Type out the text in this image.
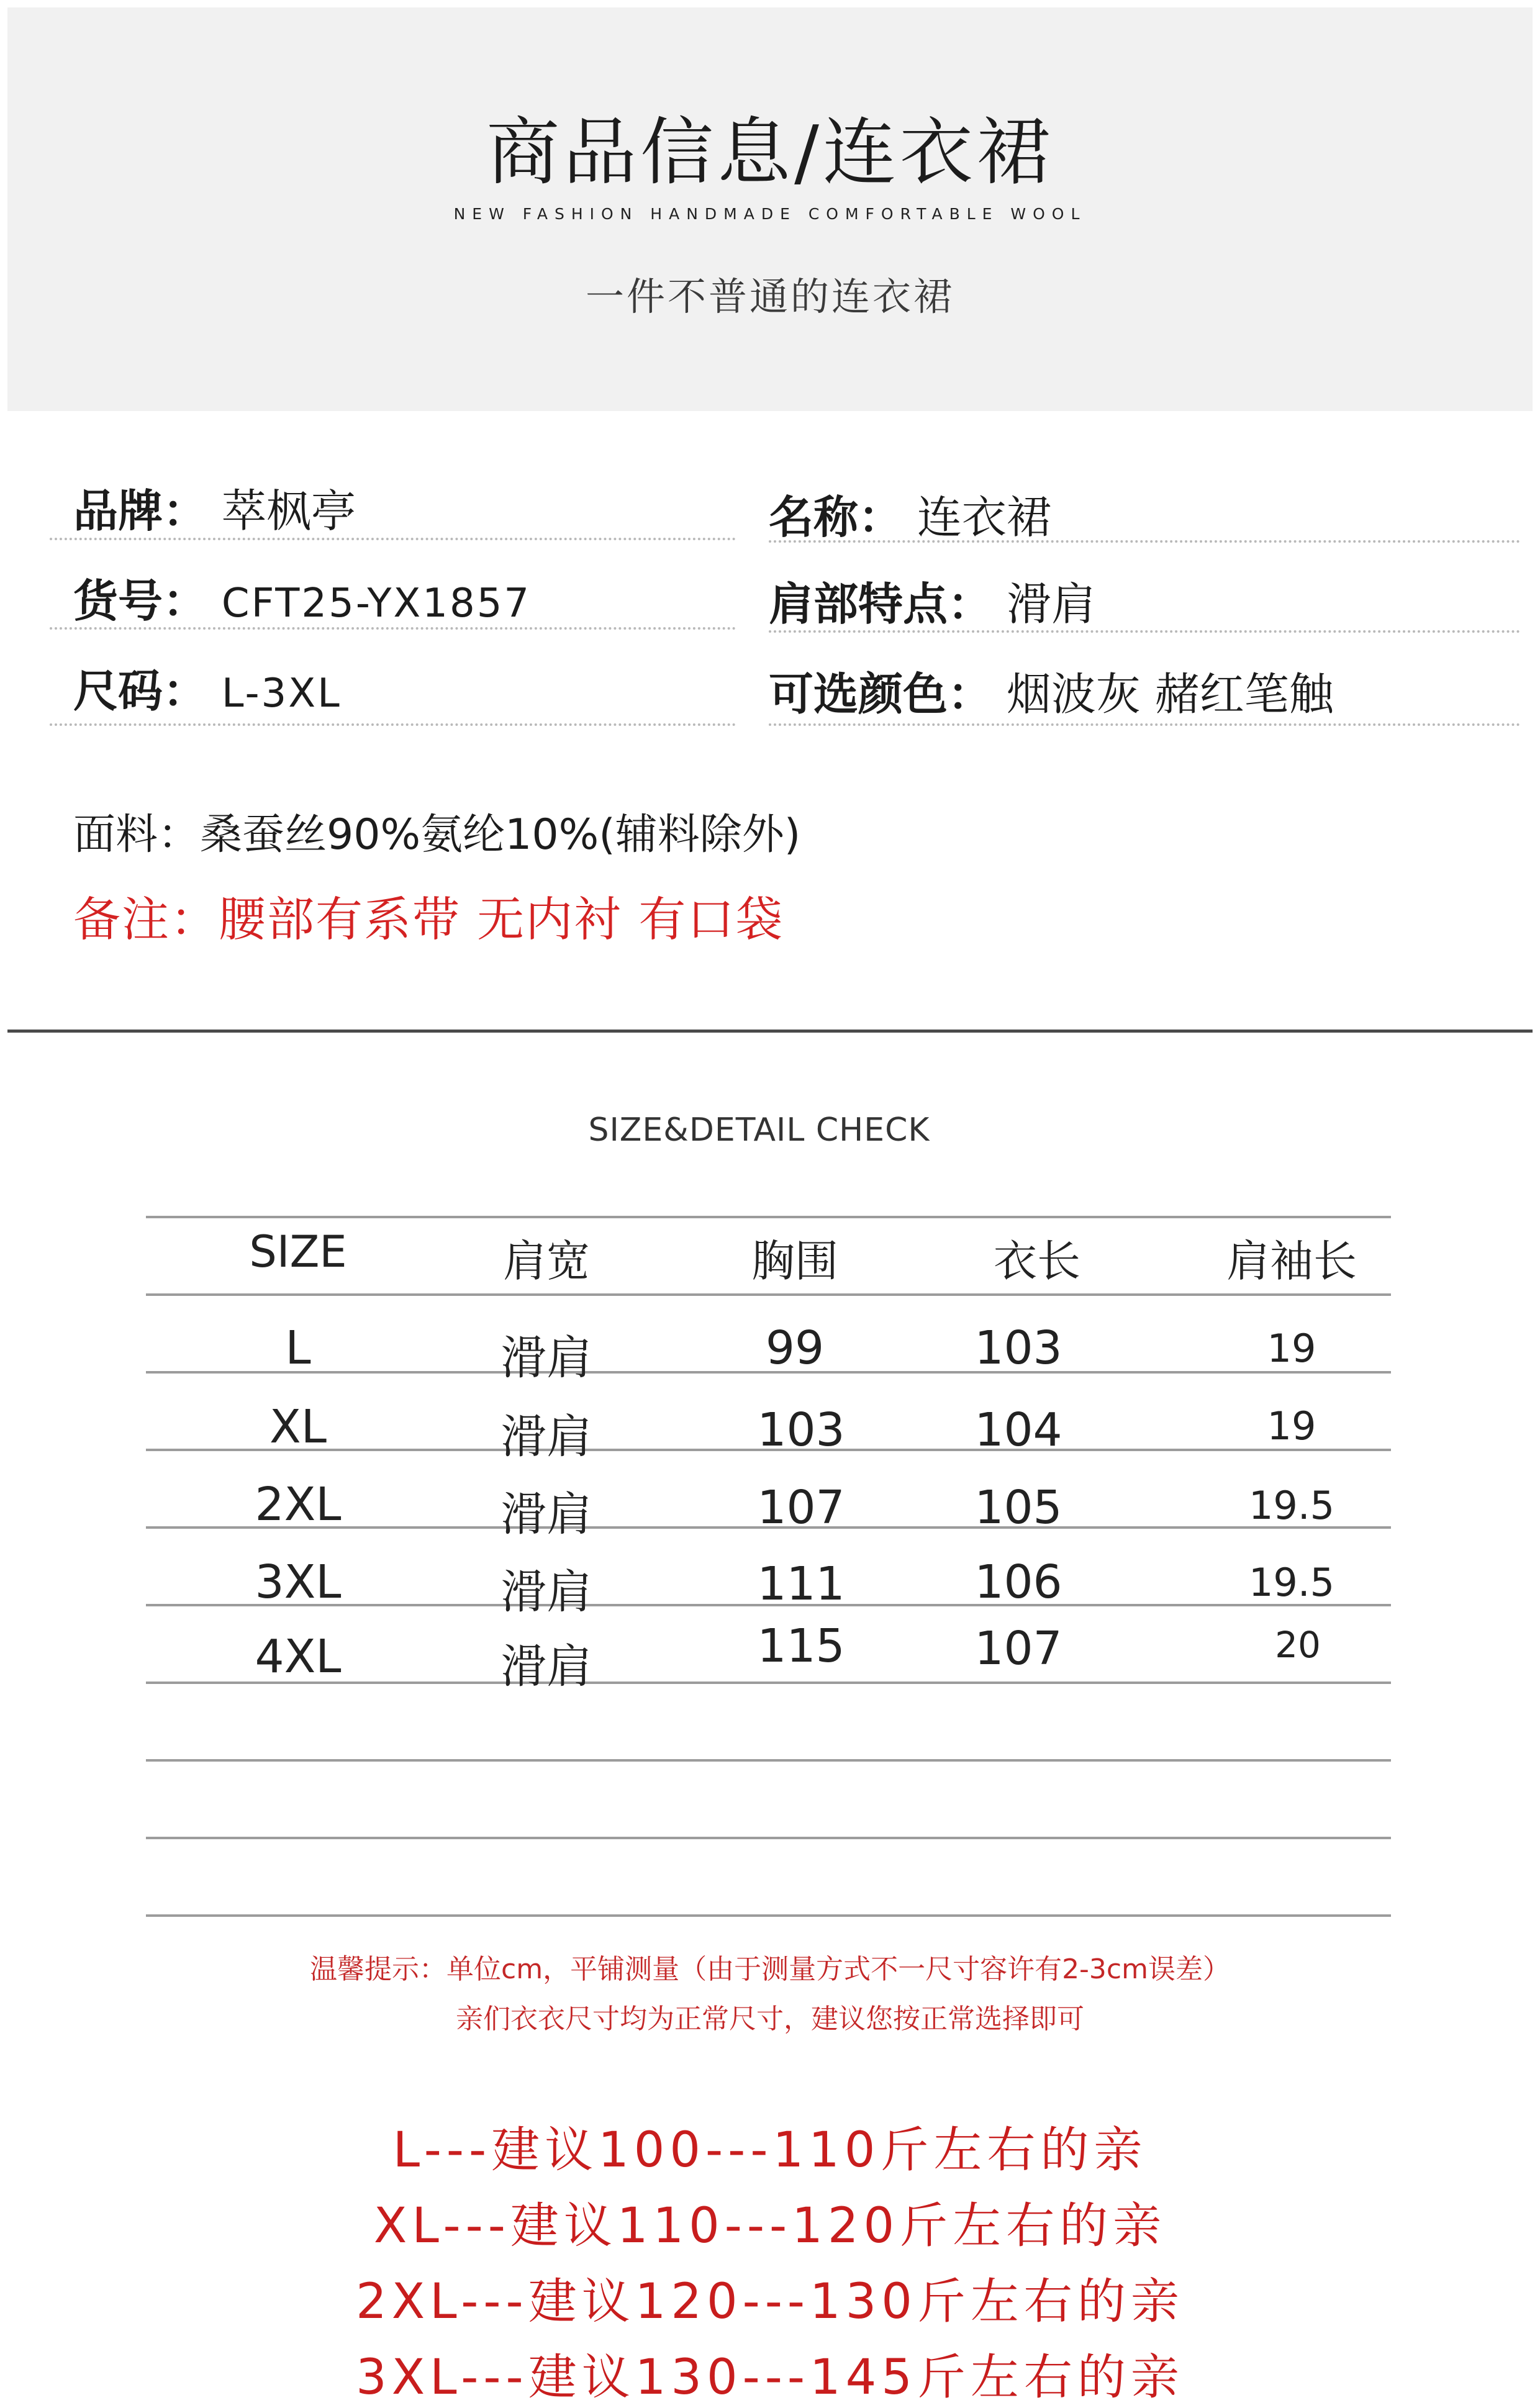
商品信息/连衣裙
NEW FASHION HANDMADE COMFORTABLE WOOL
一件不普通的连衣裙
品牌： 萃枫亭	名称： 连衣裙
货号： CFT25-YX1857	肩部特点： 滑肩
尺码： L-3XL	可选颜色： 烟波灰 赭红笔触
面料：桑蚕丝90%氨纶10%(辅料除外)
备注：腰部有系带 无内衬 有口袋
SIZE&DETAIL CHECK
SIZE	肩宽	胸围	衣长	肩袖长
L	滑肩	99	103	19
XL	滑肩	103	104	19
2XL	滑肩	107	105	19.5
3XL	滑肩	111	106	19.5
4XL	滑肩	115	107	20
温馨提示：单位cm，平铺测量（由于测量方式不一尺寸容许有2-3cm误差）
亲们衣衣尺寸均为正常尺寸，建议您按正常选择即可
L---建议100---110斤左右的亲
XL---建议110---120斤左右的亲
2XL---建议120---130斤左右的亲
3XL---建议130---145斤左右的亲
